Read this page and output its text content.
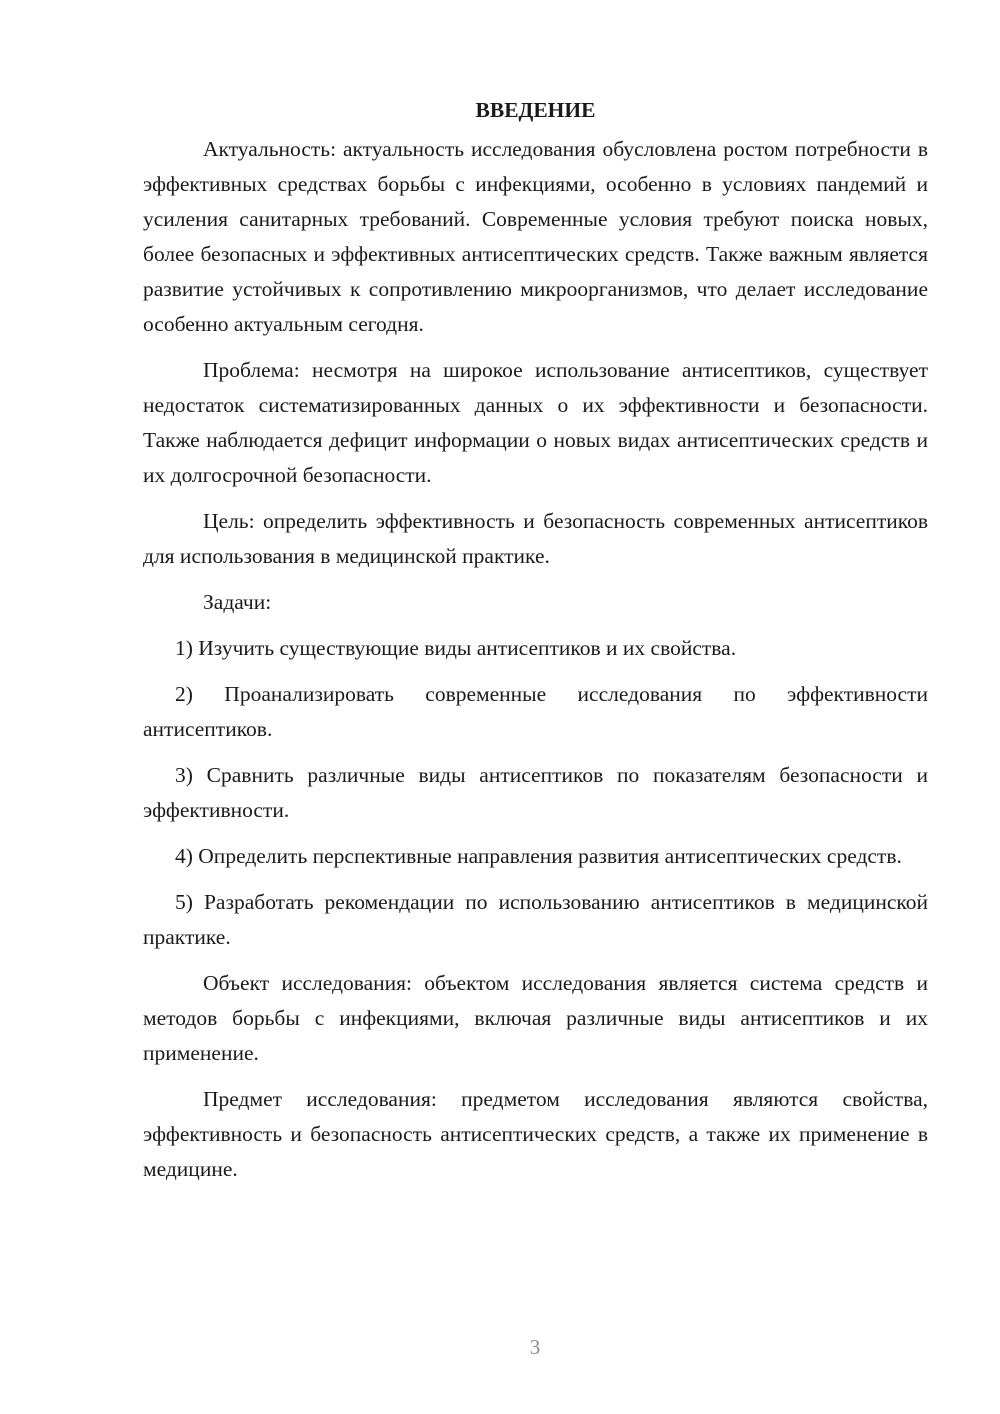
ВВЕДЕНИЕ

Актуальность: актуальность исследования обусловлена ростом потребности в эффективных средствах борьбы с инфекциями, особенно в условиях пандемий и усиления санитарных требований. Современные условия требуют поиска новых, более безопасных и эффективных антисептических средств. Также важным является развитие устойчивых к сопротивлению микроорганизмов, что делает исследование особенно актуальным сегодня.

Проблема: несмотря на широкое использование антисептиков, существует недостаток систематизированных данных о их эффективности и безопасности. Также наблюдается дефицит информации о новых видах антисептических средств и их долгосрочной безопасности.

Цель: определить эффективность и безопасность современных антисептиков для использования в медицинской практике.

Задачи:

1) Изучить существующие виды антисептиков и их свойства.

2) Проанализировать современные исследования по эффективности антисептиков.

3) Сравнить различные виды антисептиков по показателям безопасности и эффективности.

4) Определить перспективные направления развития антисептических средств.

5) Разработать рекомендации по использованию антисептиков в медицинской практике.

Объект исследования: объектом исследования является система средств и методов борьбы с инфекциями, включая различные виды антисептиков и их применение.

Предмет исследования: предметом исследования являются свойства, эффективность и безопасность антисептических средств, а также их применение в медицине.

3
